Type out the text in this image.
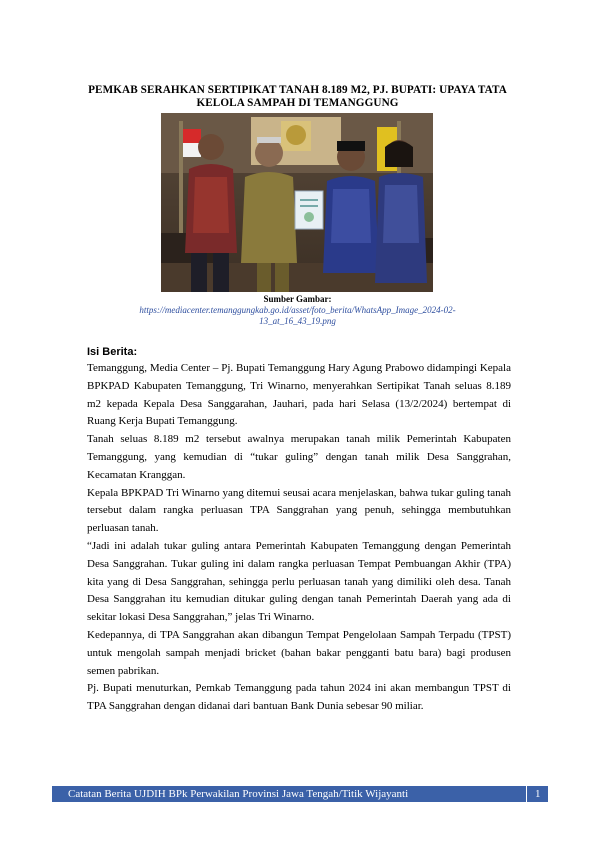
PEMKAB SERAHKAN SERTIPIKAT TANAH 8.189 M2, PJ. BUPATI: UPAYA TATA KELOLA SAMPAH DI TEMANGGUNG
Sumber Gambar:
https://mediacenter.temanggungkab.go.id/asset/foto_berita/WhatsApp_Image_2024-02-13_at_16_43_19.png

Isi Berita:

Temanggung, Media Center – Pj. Bupati Temanggung Hary Agung Prabowo didampingi Kepala BPKPAD Kabupaten Temanggung, Tri Winarno, menyerahkan Sertipikat Tanah seluas 8.189 m2 kepada Kepala Desa Sanggarahan, Jauhari, pada hari Selasa (13/2/2024) bertempat di Ruang Kerja Bupati Temanggung.

Tanah seluas 8.189 m2 tersebut awalnya merupakan tanah milik Pemerintah Kabupaten Temanggung, yang kemudian di “tukar guling” dengan tanah milik Desa Sanggrahan, Kecamatan Kranggan.

Kepala BPKPAD Tri Winarno yang ditemui seusai acara menjelaskan, bahwa tukar guling tanah tersebut dalam rangka perluasan TPA Sanggrahan yang penuh, sehingga membutuhkan perluasan tanah.

“Jadi ini adalah tukar guling antara Pemerintah Kabupaten Temanggung dengan Pemerintah Desa Sanggrahan. Tukar guling ini dalam rangka perluasan Tempat Pembuangan Akhir (TPA) kita yang di Desa Sanggrahan, sehingga perlu perluasan tanah yang dimiliki oleh desa. Tanah Desa Sanggrahan itu kemudian ditukar guling dengan tanah Pemerintah Daerah yang ada di sekitar lokasi Desa Sanggrahan,” jelas Tri Winarno.

Kedepannya, di TPA Sanggrahan akan dibangun Tempat Pengelolaan Sampah Terpadu (TPST) untuk mengolah sampah menjadi bricket (bahan bakar pengganti batu bara) bagi produsen semen pabrikan.

Pj. Bupati menuturkan, Pemkab Temanggung pada tahun 2024 ini akan membangun TPST di TPA Sanggrahan dengan didanai dari bantuan Bank Dunia sebesar 90 miliar.

Catatan Berita UJDIH BPk Perwakilan Provinsi Jawa Tengah/Titik Wijayanti	1
